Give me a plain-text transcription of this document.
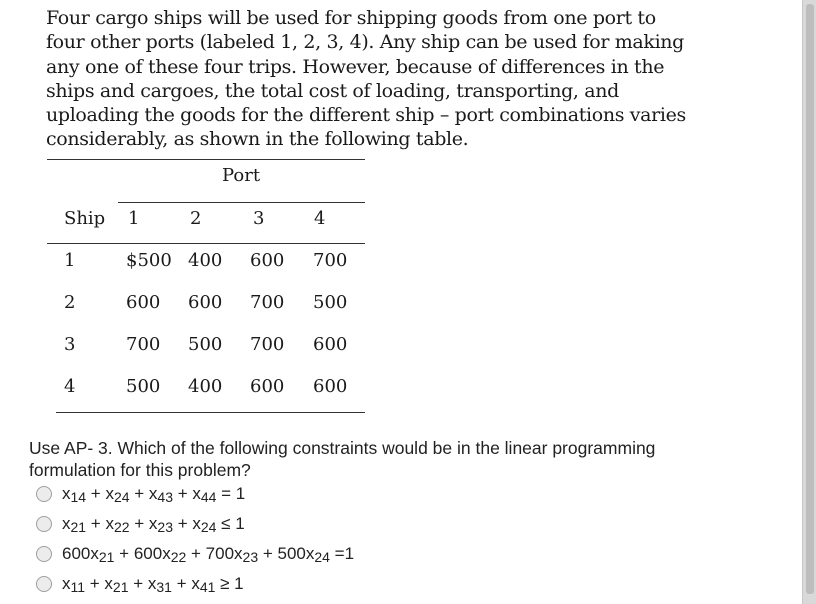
Four cargo ships will be used for shipping goods from one port to

four other ports (labeled 1, 2, 3, 4). Any ship can be used for making

any one of these four trips. However, because of differences in the

ships and cargoes, the total cost of loading, transporting, and

uploading the goods for the different ship – port combinations varies

considerably, as shown in the following table.

Port
Ship 1	2	3	4
1	$500 400 600 700
2	600 600 700 500
3	700 500 700 600
4	500 400 600 600
Use AP- 3. Which of the following constraints would be in the linear programming
formulation for this problem?
$x_{14} + x_{24} + x_{43} + x_{44} = 1$
$x_{21} + x_{22} + x_{23} + x_{24} \le 1$
$600x_{21} + 600x_{22} + 700x_{23} + 500x_{24} =1$
$x_{11} + x_{21} + x_{31} + x_{41} \ge 1$
